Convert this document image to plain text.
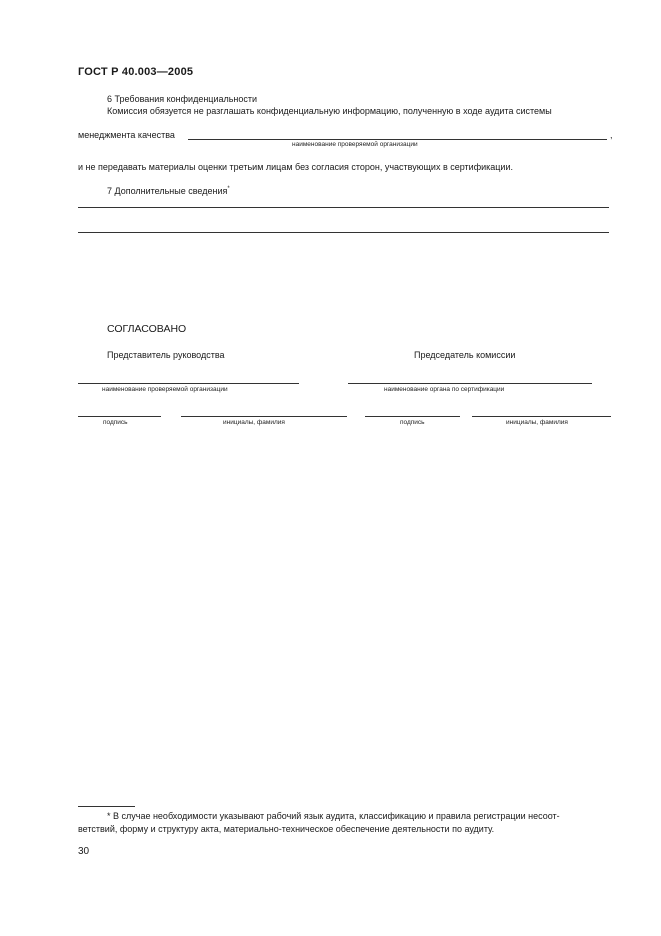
ГОСТ Р 40.003—2005
6 Требования конфиденциальности
Комиссия обязуется не разглашать конфиденциальную информацию, полученную в ходе аудита системы
менеджмента качества	,
наименование проверяемой организации
и не передавать материалы оценки третьим лицам без согласия сторон, участвующих в сертификации.
7 Дополнительные сведения*
СОГЛАСОВАНО
Представитель руководства	Председатель комиссии
наименование проверяемой организации	наименование органа по сертификации
подпись	инициалы, фамилия	подпись	инициалы, фамилия
* В случае необходимости указывают рабочий язык аудита, классификацию и правила регистрации несоот-
ветствий, форму и структуру акта, материально-техническое обеспечение деятельности по аудиту.
30
